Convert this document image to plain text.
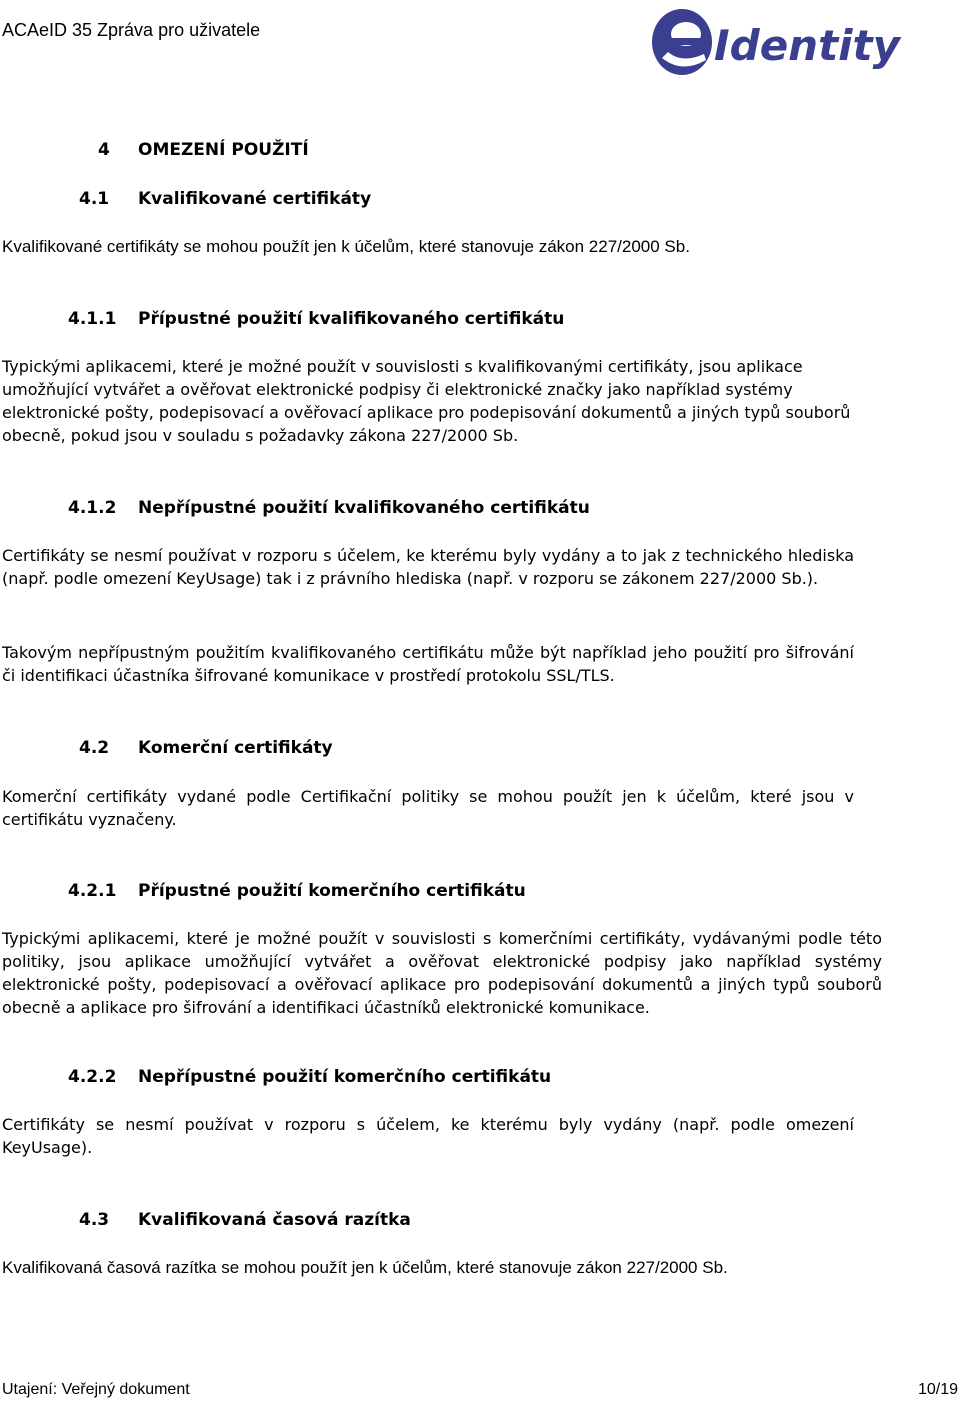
ACAeID 35 Zpráva pro uživatele	Identity
4 OMEZENÍ POUŽITÍ
4.1 Kvalifikované certifikáty

Kvalifikované certifikáty se mohou použít jen k účelům, které stanovuje zákon 227/2000 Sb.

4.1.1 Přípustné použití kvalifikovaného certifikátu

Typickými aplikacemi, které je možné použít v souvislosti s kvalifikovanými certifikáty, jsou aplikace umožňující vytvářet a ověřovat elektronické podpisy či elektronické značky jako například systémy elektronické pošty, podepisovací a ověřovací aplikace pro podepisování dokumentů a jiných typů souborů obecně, pokud jsou v souladu s požadavky zákona 227/2000 Sb.

4.1.2 Nepřípustné použití kvalifikovaného certifikátu

Certifikáty se nesmí používat v rozporu s účelem, ke kterému byly vydány a to jak z technického hlediska (např. podle omezení KeyUsage) tak i z právního hlediska (např. v rozporu se zákonem 227/2000 Sb.).

Takovým nepřípustným použitím kvalifikovaného certifikátu může být například jeho použití pro šifrování či identifikaci účastníka šifrované komunikace v prostředí protokolu SSL/TLS.

4.2 Komerční certifikáty

Komerční certifikáty vydané podle Certifikační politiky se mohou použít jen k účelům, které jsou v certifikátu vyznačeny.

4.2.1 Přípustné použití komerčního certifikátu

Typickými aplikacemi, které je možné použít v souvislosti s komerčními certifikáty, vydávanými podle této politiky, jsou aplikace umožňující vytvářet a ověřovat elektronické podpisy jako například systémy elektronické pošty, podepisovací a ověřovací aplikace pro podepisování dokumentů a jiných typů souborů obecně a aplikace pro šifrování a identifikaci účastníků elektronické komunikace.

4.2.2 Nepřípustné použití komerčního certifikátu

Certifikáty se nesmí používat v rozporu s účelem, ke kterému byly vydány (např. podle omezení KeyUsage).

4.3 Kvalifikovaná časová razítka

Kvalifikovaná časová razítka se mohou použít jen k účelům, které stanovuje zákon 227/2000 Sb.

Utajení: Veřejný dokument	10/19
